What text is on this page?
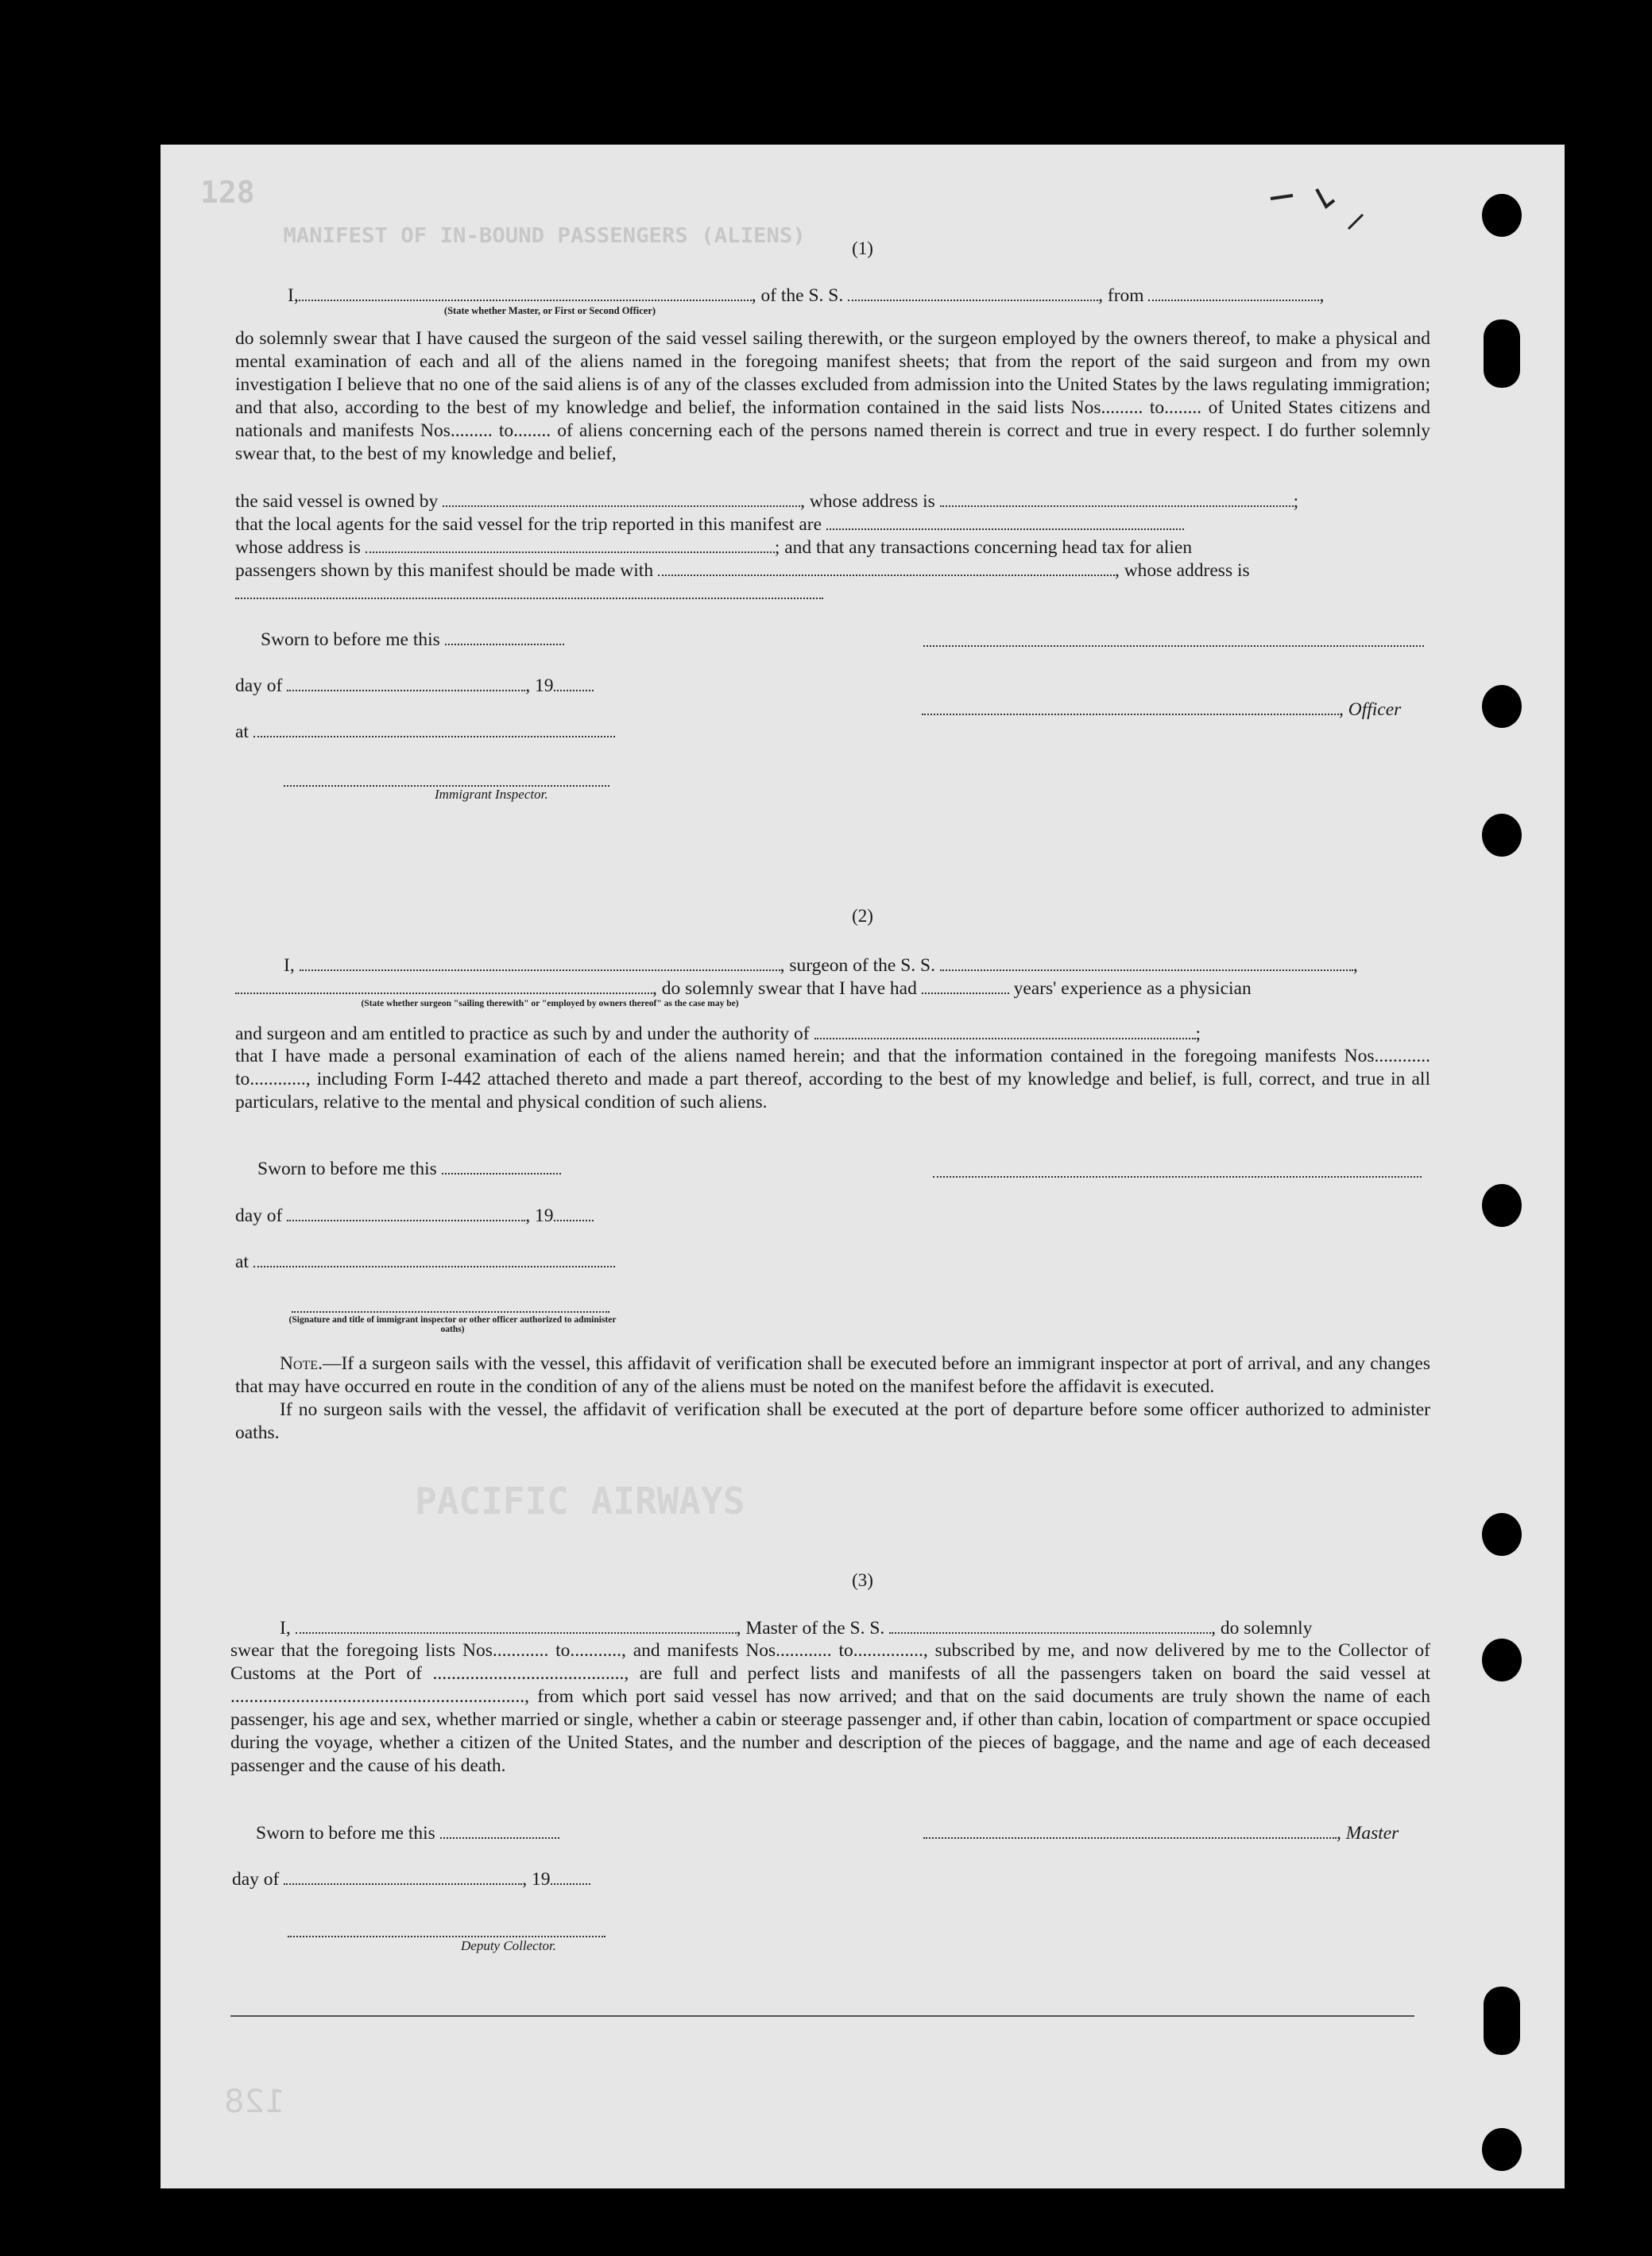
128
MANIFEST OF IN-BOUND PASSENGERS (ALIENS)
PACIFIC AIRWAYS
128
(1)
I,	, of the S. S.	, from	,
(State whether Master, or First or Second Officer)

do solemnly swear that I have caused the surgeon of the said vessel sailing therewith, or the surgeon employed by the owners thereof, to make a physical and mental examination of each and all of the aliens named in the foregoing manifest sheets; that from the report of the said surgeon and from my own investigation I believe that no one of the said aliens is of any of the classes excluded from admission into the United States by the laws regulating immigration; and that also, according to the best of my knowledge and belief, the information contained in the said lists Nos......... to........ of United States citizens and nationals and manifests Nos......... to........ of aliens concerning each of the persons named therein is correct and true in every respect. I do further solemnly swear that, to the best of my knowledge and belief,

the said vessel is owned by	, whose address is	;
that the local agents for the said vessel for the trip reported in this manifest are
whose address is	; and that any transactions concerning head tax for alien
passengers shown by this manifest should be made with	, whose address is
Sworn to before me this
day of	, 19
, Officer
at
Immigrant Inspector.
(2)
I,	, surgeon of the S. S.	,
, do solemnly swear that I have had	years' experience as a physician
(State whether surgeon "sailing therewith" or "employed by owners thereof" as the case may be)
and surgeon and am entitled to practice as such by and under the authority of	;

that I have made a personal examination of each of the aliens named herein; and that the information contained in the foregoing manifests Nos............ to............, including Form I-442 attached thereto and made a part thereof, according to the best of my knowledge and belief, is full, correct, and true in all particulars, relative to the mental and physical condition of such aliens.

Sworn to before me this
day of	, 19
at
(Signature and title of immigrant inspector or other officer authorized to administer oaths)

Note.—If a surgeon sails with the vessel, this affidavit of verification shall be executed before an immigrant inspector at port of arrival, and any changes that may have occurred en route in the condition of any of the aliens must be noted on the manifest before the affidavit is executed.

If no surgeon sails with the vessel, the affidavit of verification shall be executed at the port of departure before some officer authorized to administer oaths.

(3)
I,	, Master of the S. S.	, do solemnly

swear that the foregoing lists Nos............ to..........., and manifests Nos............ to..............., subscribed by me, and now delivered by me to the Collector of Customs at the Port of ........................................., are full and perfect lists and manifests of all the passengers taken on board the said vessel at ..............................................................., from which port said vessel has now arrived; and that on the said documents are truly shown the name of each passenger, his age and sex, whether married or single, whether a cabin or steerage passenger and, if other than cabin, location of compartment or space occupied during the voyage, whether a citizen of the United States, and the number and description of the pieces of baggage, and the name and age of each deceased passenger and the cause of his death.

Sworn to before me this	, Master
day of	, 19
Deputy Collector.
